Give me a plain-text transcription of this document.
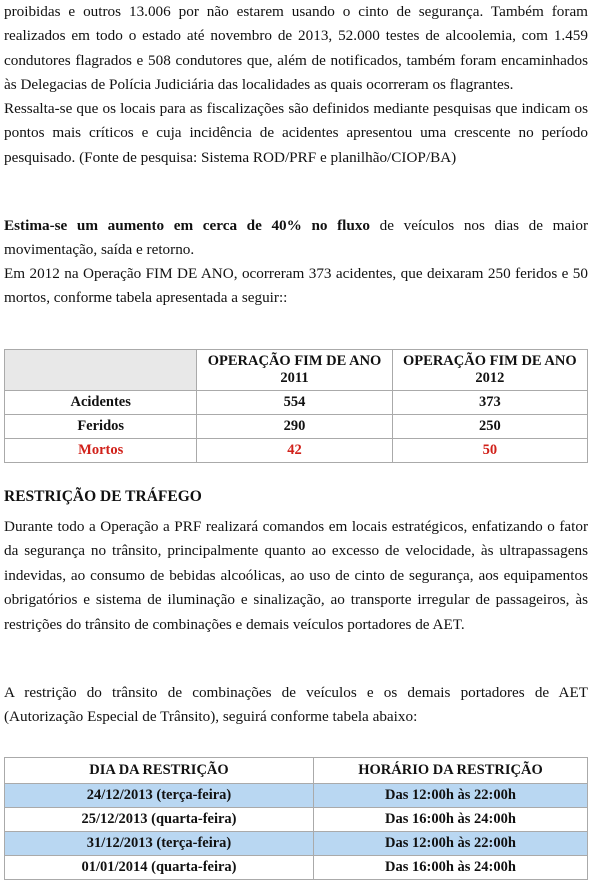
proibidas e outros 13.006 por não estarem usando o cinto de segurança. Também foram realizados em todo o estado até novembro de 2013, 52.000 testes de alcoolemia, com 1.459 condutores flagrados e 508 condutores que, além de notificados, também foram encaminhados às Delegacias de Polícia Judiciária das localidades as quais ocorreram os flagrantes.

Ressalta-se que os locais para as fiscalizações são definidos mediante pesquisas que indicam os pontos mais críticos e cuja incidência de acidentes apresentou uma crescente no período pesquisado. (Fonte de pesquisa: Sistema ROD/PRF e planilhão/CIOP/BA)

Estima-se um aumento em cerca de 40% no fluxo de veículos nos dias de maior movimentação, saída e retorno.

Em 2012 na Operação FIM DE ANO, ocorreram 373 acidentes, que deixaram 250 feridos e 50 mortos, conforme tabela apresentada a seguir::

	OPERAÇÃO FIM DE ANO 2011	OPERAÇÃO FIM DE ANO 2012
Acidentes	554	373
Feridos	290	250
Mortos	42	50

RESTRIÇÃO DE TRÁFEGO

Durante todo a Operação a PRF realizará comandos em locais estratégicos, enfatizando o fator da segurança no trânsito, principalmente quanto ao excesso de velocidade, às ultrapassagens indevidas, ao consumo de bebidas alcoólicas, ao uso de cinto de segurança, aos equipamentos obrigatórios e sistema de iluminação e sinalização, ao transporte irregular de passageiros, às restrições do trânsito de combinações e demais veículos portadores de AET.

A restrição do trânsito de combinações de veículos e os demais portadores de AET (Autorização Especial de Trânsito), seguirá conforme tabela abaixo:

DIA DA RESTRIÇÃO	HORÁRIO DA RESTRIÇÃO
24/12/2013 (terça-feira)	Das 12:00h às 22:00h
25/12/2013 (quarta-feira)	Das 16:00h às 24:00h
31/12/2013 (terça-feira)	Das 12:00h às 22:00h
01/01/2014 (quarta-feira)	Das 16:00h às 24:00h
